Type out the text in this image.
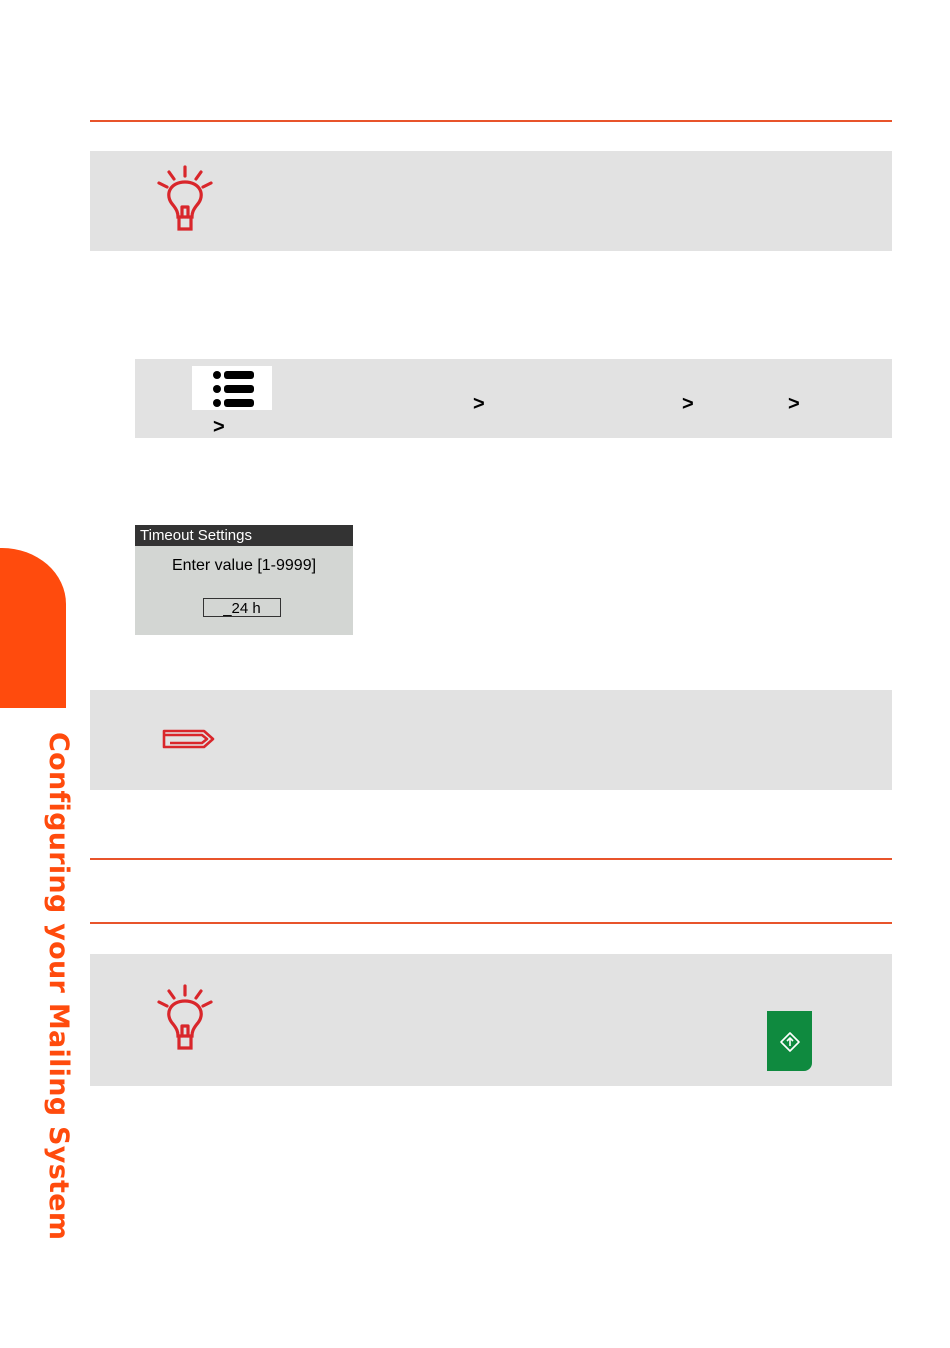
>	>	>
>
Timeout Settings
Enter value [1-9999]
_24 h
Configuring your Mailing System
